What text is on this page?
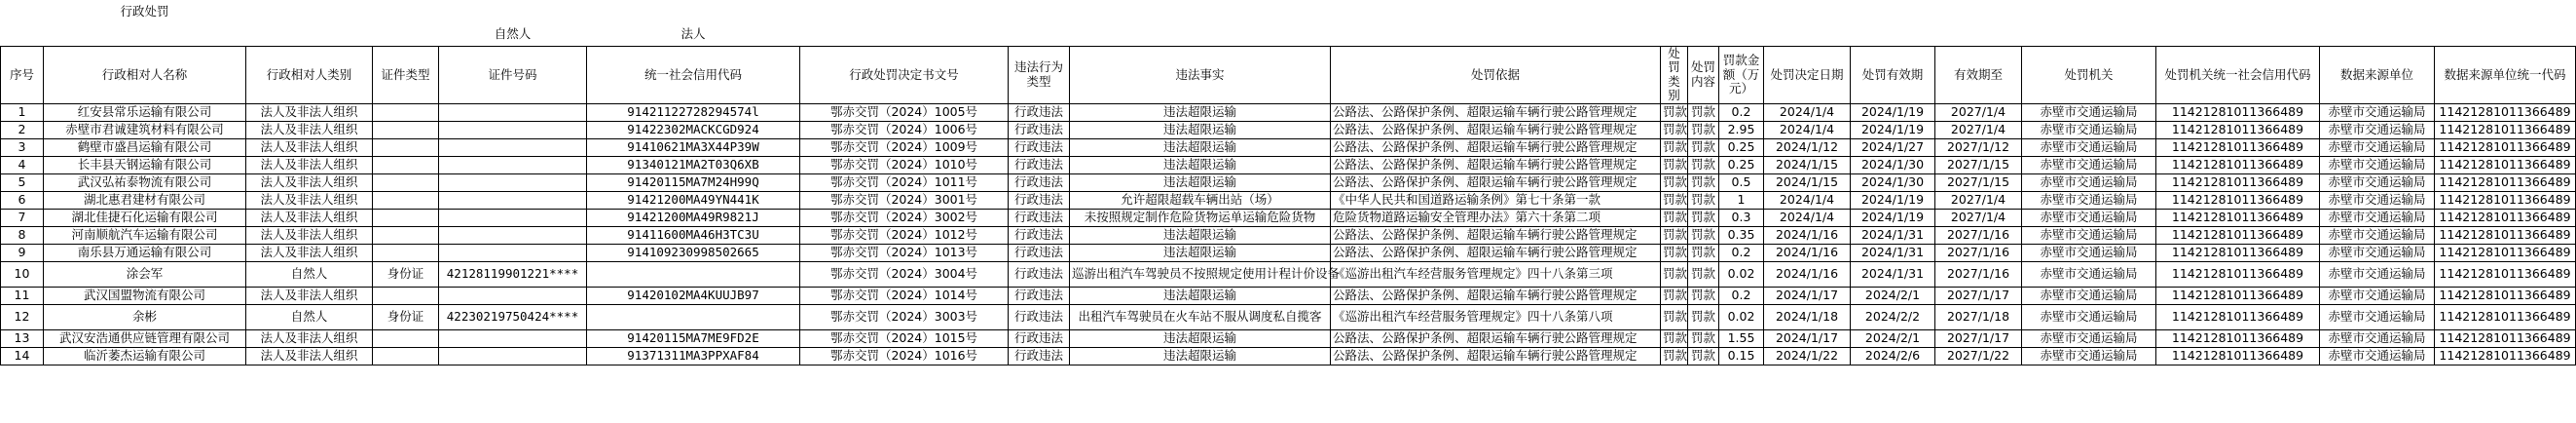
	行政处罚																		
				自然人	法人														
序号	行政相对人名称	行政相对人类别	证件类型	证件号码	统一社会信用代码	行政处罚决定书文号	违法行为类型	违法事实	处罚依据	处罚类别	处罚内容	罚款金额（万元）	处罚决定日期	处罚有效期	有效期至	处罚机关	处罚机关统一社会信用代码	数据来源单位	数据来源单位统一代码
1	红安县常乐运输有限公司	法人及非法人组织			91421122728294574l	鄂赤交罚（2024）1005号	行政违法	违法超限运输	公路法、公路保护条例、超限运输车辆行驶公路管理规定	罚款	罚款	0.2	2024/1/4	2024/1/19	2027/1/4	赤壁市交通运输局	11421281011366489	赤壁市交通运输局	11421281011366489
2	赤壁市君诚建筑材料有限公司	法人及非法人组织			91422302MACKCGD924	鄂赤交罚（2024）1006号	行政违法	违法超限运输	公路法、公路保护条例、超限运输车辆行驶公路管理规定	罚款	罚款	2.95	2024/1/4	2024/1/19	2027/1/4	赤壁市交通运输局	11421281011366489	赤壁市交通运输局	11421281011366489
3	鹤壁市盛昌运输有限公司	法人及非法人组织			91410621MA3X44P39W	鄂赤交罚（2024）1009号	行政违法	违法超限运输	公路法、公路保护条例、超限运输车辆行驶公路管理规定	罚款	罚款	0.25	2024/1/12	2024/1/27	2027/1/12	赤壁市交通运输局	11421281011366489	赤壁市交通运输局	11421281011366489
4	长丰县天钢运输有限公司	法人及非法人组织			91340121MA2T03Q6XB	鄂赤交罚（2024）1010号	行政违法	违法超限运输	公路法、公路保护条例、超限运输车辆行驶公路管理规定	罚款	罚款	0.25	2024/1/15	2024/1/30	2027/1/15	赤壁市交通运输局	11421281011366489	赤壁市交通运输局	11421281011366489
5	武汉弘祐泰物流有限公司	法人及非法人组织			91420115MA7M24H99Q	鄂赤交罚（2024）1011号	行政违法	违法超限运输	公路法、公路保护条例、超限运输车辆行驶公路管理规定	罚款	罚款	0.5	2024/1/15	2024/1/30	2027/1/15	赤壁市交通运输局	11421281011366489	赤壁市交通运输局	11421281011366489
6	湖北惠君建材有限公司	法人及非法人组织			91421200MA49YN441K	鄂赤交罚（2024）3001号	行政违法	允许超限超载车辆出站（场）	《中华人民共和国道路运输条例》第七十条第一款	罚款	罚款	1	2024/1/4	2024/1/19	2027/1/4	赤壁市交通运输局	11421281011366489	赤壁市交通运输局	11421281011366489
7	湖北佳捷石化运输有限公司	法人及非法人组织			91421200MA49R9821J	鄂赤交罚（2024）3002号	行政违法	未按照规定制作危险货物运单运输危险货物	危险货物道路运输安全管理办法》第六十条第二项	罚款	罚款	0.3	2024/1/4	2024/1/19	2027/1/4	赤壁市交通运输局	11421281011366489	赤壁市交通运输局	11421281011366489
8	河南顺航汽车运输有限公司	法人及非法人组织			91411600MA46H3TC3U	鄂赤交罚（2024）1012号	行政违法	违法超限运输	公路法、公路保护条例、超限运输车辆行驶公路管理规定	罚款	罚款	0.35	2024/1/16	2024/1/31	2027/1/16	赤壁市交通运输局	11421281011366489	赤壁市交通运输局	11421281011366489
9	南乐县万通运输有限公司	法人及非法人组织			914109230998502665	鄂赤交罚（2024）1013号	行政违法	违法超限运输	公路法、公路保护条例、超限运输车辆行驶公路管理规定	罚款	罚款	0.2	2024/1/16	2024/1/31	2027/1/16	赤壁市交通运输局	11421281011366489	赤壁市交通运输局	11421281011366489
10	涂会军	自然人	身份证	42128119901221****		鄂赤交罚（2024）3004号	行政违法	巡游出租汽车驾驶员不按照规定使用计程计价设备	《巡游出租汽车经营服务管理规定》四十八条第三项	罚款	罚款	0.02	2024/1/16	2024/1/31	2027/1/16	赤壁市交通运输局	11421281011366489	赤壁市交通运输局	11421281011366489
11	武汉国盟物流有限公司	法人及非法人组织			91420102MA4KUUJB97	鄂赤交罚（2024）1014号	行政违法	违法超限运输	公路法、公路保护条例、超限运输车辆行驶公路管理规定	罚款	罚款	0.2	2024/1/17	2024/2/1	2027/1/17	赤壁市交通运输局	11421281011366489	赤壁市交通运输局	11421281011366489
12	余彬	自然人	身份证	42230219750424****		鄂赤交罚（2024）3003号	行政违法	出租汽车驾驶员在火车站不服从调度私自揽客	《巡游出租汽车经营服务管理规定》四十八条第八项	罚款	罚款	0.02	2024/1/18	2024/2/2	2027/1/18	赤壁市交通运输局	11421281011366489	赤壁市交通运输局	11421281011366489
13	武汉安浩通供应链管理有限公司	法人及非法人组织			91420115MA7ME9FD2E	鄂赤交罚（2024）1015号	行政违法	违法超限运输	公路法、公路保护条例、超限运输车辆行驶公路管理规定	罚款	罚款	1.55	2024/1/17	2024/2/1	2027/1/17	赤壁市交通运输局	11421281011366489	赤壁市交通运输局	11421281011366489
14	临沂萎杰运输有限公司	法人及非法人组织			91371311MA3PPXAF84	鄂赤交罚（2024）1016号	行政违法	违法超限运输	公路法、公路保护条例、超限运输车辆行驶公路管理规定	罚款	罚款	0.15	2024/1/22	2024/2/6	2027/1/22	赤壁市交通运输局	11421281011366489	赤壁市交通运输局	11421281011366489
